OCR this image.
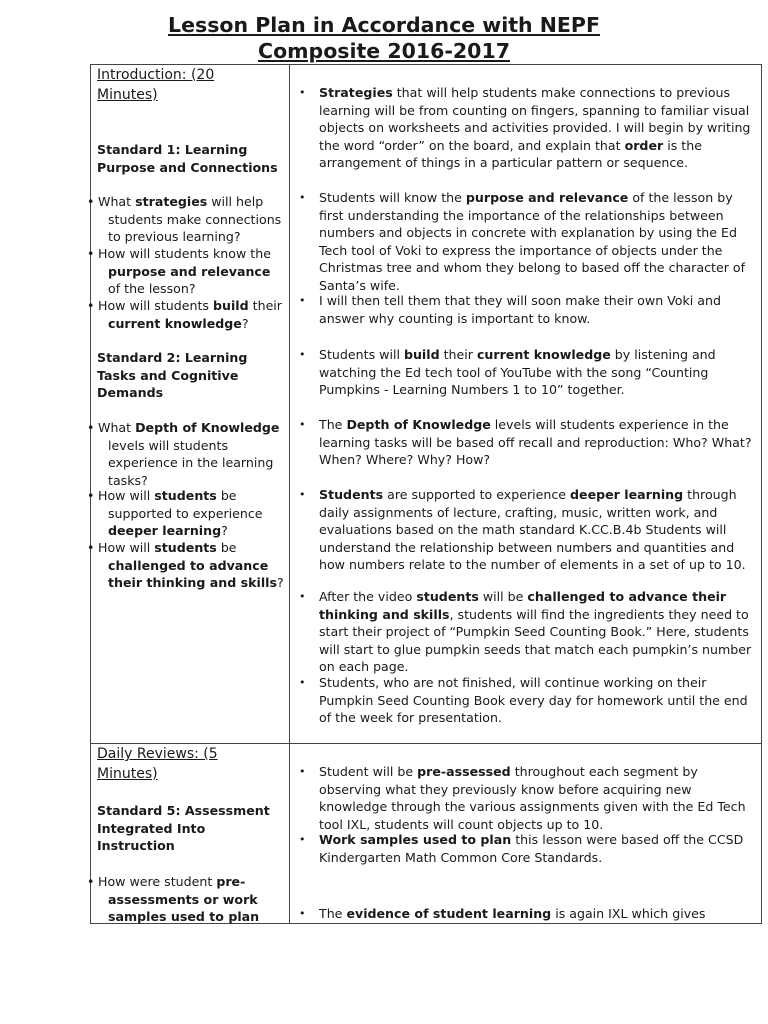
Lesson Plan in Accordance with NEPF
Composite 2016-2017
Introduction: (20
Minutes)
Standard 1: Learning
Purpose and Connections
• What strategies will help
students make connections
to previous learning?
• How will students know the
purpose and relevance
of the lesson?
• How will students build their
current knowledge?
Standard 2: Learning
Tasks and Cognitive
Demands
• What Depth of Knowledge
levels will students
experience in the learning
tasks?
• How will students be
supported to experience
deeper learning?
• How will students be
challenged to advance
their thinking and skills?
• Strategies that will help students make connections to previous learning will be from counting on fingers, spanning to familiar visual objects on worksheets and activities provided. I will begin by writing the word “order” on the board, and explain that order is the arrangement of things in a particular pattern or sequence.
• Students will know the purpose and relevance of the lesson by first understanding the importance of the relationships between numbers and objects in concrete with explanation by using the Ed Tech tool of Voki to express the importance of objects under the Christmas tree and whom they belong to based off the character of Santa’s wife.
• I will then tell them that they will soon make their own Voki and answer why counting is important to know.
• Students will build their current knowledge by listening and watching the Ed tech tool of YouTube with the song “Counting Pumpkins - Learning Numbers 1 to 10” together.
• The Depth of Knowledge levels will students experience in the learning tasks will be based off recall and reproduction: Who? What? When? Where? Why? How?
• Students are supported to experience deeper learning through daily assignments of lecture, crafting, music, written work, and evaluations based on the math standard K.CC.B.4b Students will understand the relationship between numbers and quantities and how numbers relate to the number of elements in a set of up to 10.
• After the video students will be challenged to advance their thinking and skills, students will find the ingredients they need to start their project of “Pumpkin Seed Counting Book.” Here, students will start to glue pumpkin seeds that match each pumpkin’s number on each page.
• Students, who are not finished, will continue working on their Pumpkin Seed Counting Book every day for homework until the end of the week for presentation.
Daily Reviews: (5
Minutes)
Standard 5: Assessment
Integrated Into
Instruction
• How were student pre-
assessments or work
samples used to plan
• Student will be pre-assessed throughout each segment by observing what they previously know before acquiring new knowledge through the various assignments given with the Ed Tech tool IXL, students will count objects up to 10.
• Work samples used to plan this lesson were based off the CCSD Kindergarten Math Common Core Standards.
• The evidence of student learning is again IXL which gives
